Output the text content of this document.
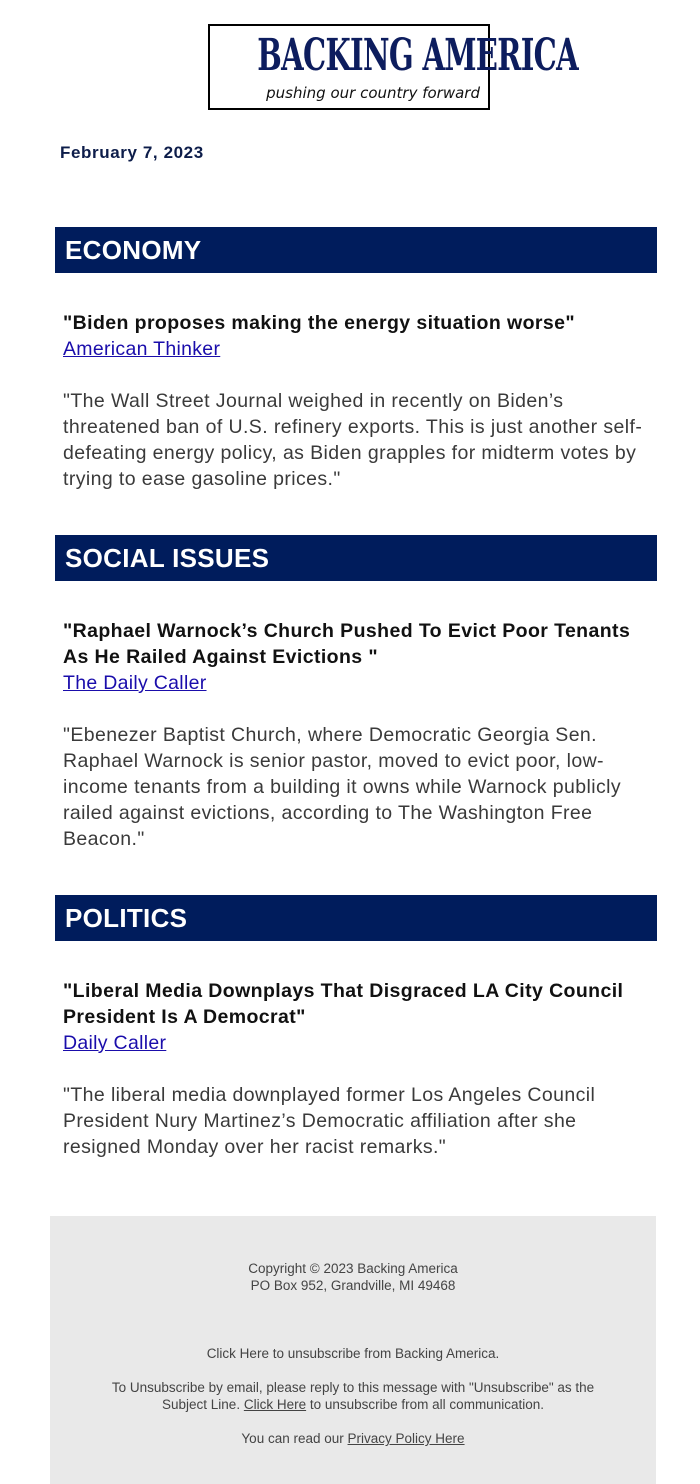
BACKING AMERICA
pushing our country forward
February 7, 2023
ECONOMY
"Biden proposes making the energy situation worse"
American Thinker
"The Wall Street Journal weighed in recently on Biden’s threatened ban of U.S. refinery exports. This is just another self-defeating energy policy, as Biden grapples for midterm votes by trying to ease gasoline prices."
SOCIAL ISSUES
"Raphael Warnock’s Church Pushed To Evict Poor Tenants As He Railed Against Evictions "
The Daily Caller
"Ebenezer Baptist Church, where Democratic Georgia Sen. Raphael Warnock is senior pastor, moved to evict poor, low-income tenants from a building it owns while Warnock publicly railed against evictions, according to The Washington Free Beacon."
POLITICS
"Liberal Media Downplays That Disgraced LA City Council President Is A Democrat"
Daily Caller
"The liberal media downplayed former Los Angeles Council President Nury Martinez’s Democratic affiliation after she resigned Monday over her racist remarks."

Copyright © 2023 Backing America

PO Box 952, Grandville, MI 49468

Click Here to unsubscribe from Backing America.

To Unsubscribe by email, please reply to this message with "Unsubscribe" as the Subject Line. Click Here to unsubscribe from all communication.

You can read our Privacy Policy Here
